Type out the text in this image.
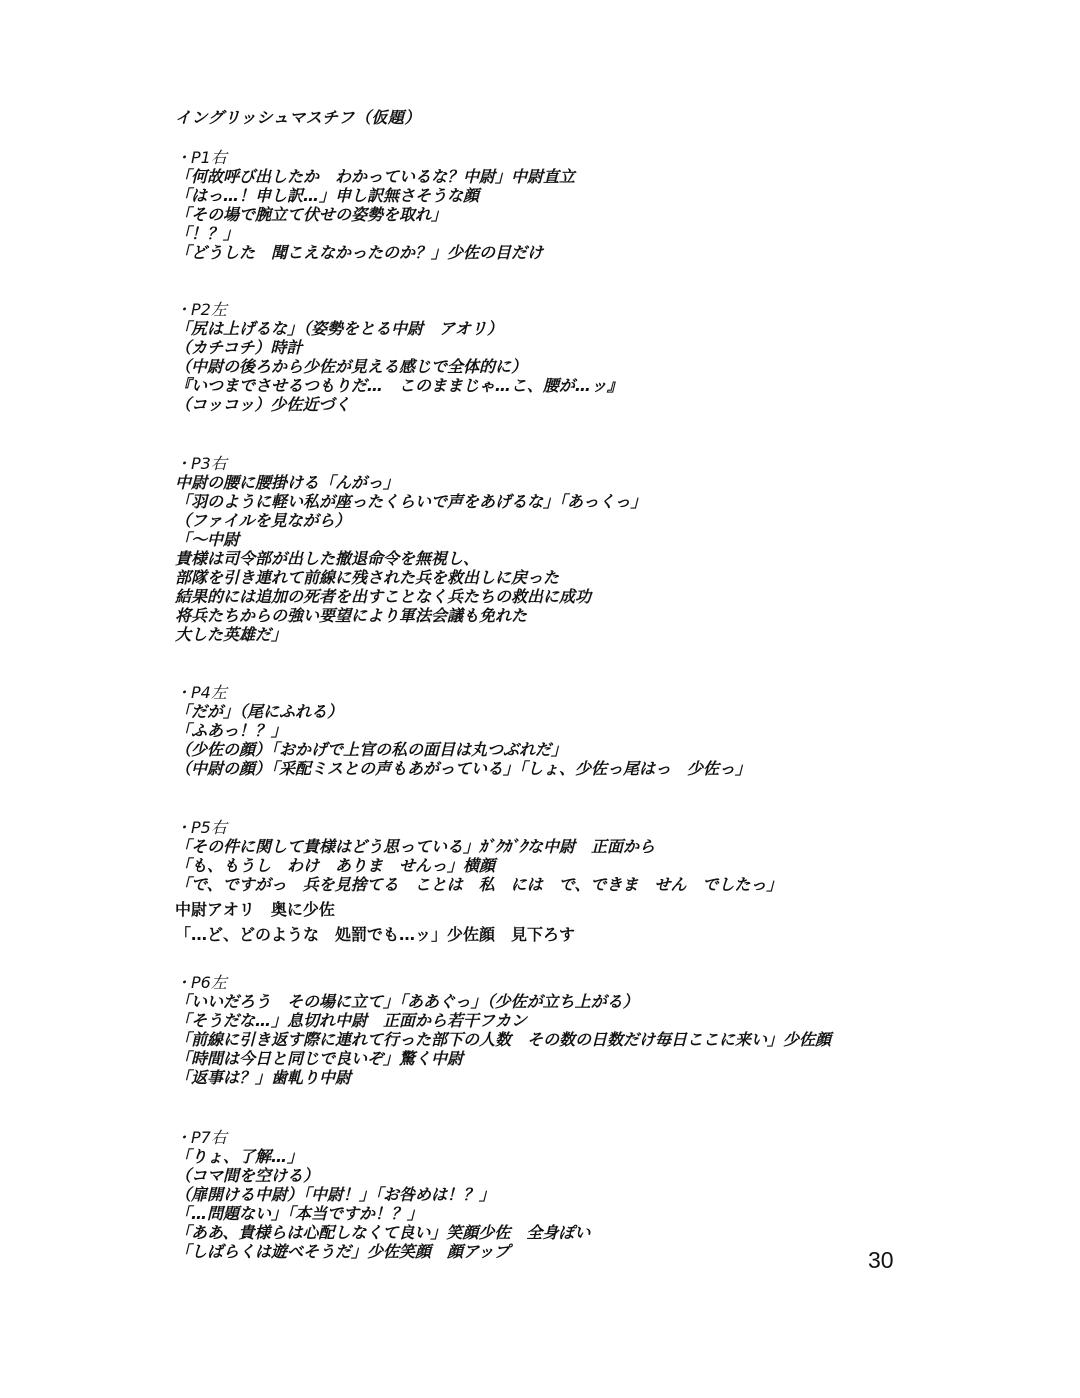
イングリッシュマスチフ（仮題）
・P1右
「何故呼び出したか　わかっているな？中尉」中尉直立
「はっ…！申し訳…」申し訳無さそうな顔
「その場で腕立て伏せの姿勢を取れ」
「！？」
「どうした　聞こえなかったのか？」少佐の目だけ
・P2左
「尻は上げるな」（姿勢をとる中尉　アオリ）
（カチコチ）時計
（中尉の後ろから少佐が見える感じで全体的に）
『いつまでさせるつもりだ…　このままじゃ…こ、腰が…ッ』
（コッコッ）少佐近づく
・P3右
中尉の腰に腰掛ける「んがっ」
「羽のように軽い私が座ったくらいで声をあげるな」「あっくっ」
（ファイルを見ながら）
「～中尉
貴様は司令部が出した撤退命令を無視し、
部隊を引き連れて前線に残された兵を救出しに戻った
結果的には追加の死者を出すことなく兵たちの救出に成功
将兵たちからの強い要望により軍法会議も免れた
大した英雄だ」
・P4左
「だが」（尾にふれる）
「ふあっ！？」
（少佐の顔）「おかげで上官の私の面目は丸つぶれだ」
（中尉の顔）「采配ミスとの声もあがっている」「しょ、少佐っ尾はっ　少佐っ」
・P5右
「その件に関して貴様はどう思っている」ｶﾞｸｶﾞｸな中尉　正面から
「も、もうし　わけ　ありま　せんっ」横顔
「で、ですがっ　兵を見捨てる　ことは　私　には　で、できま　せん　でしたっ」
中尉アオリ　奥に少佐
「…ど、どのような　処罰でも…ッ」少佐顔　見下ろす
・P6左
「いいだろう　その場に立て」「ああぐっ」（少佐が立ち上がる）
「そうだな…」息切れ中尉　正面から若干フカン
「前線に引き返す際に連れて行った部下の人数　その数の日数だけ毎日ここに来い」少佐顔
「時間は今日と同じで良いぞ」驚く中尉
「返事は？」歯軋り中尉
・P7右
「りょ、了解…」
（コマ間を空ける）
（扉開ける中尉）「中尉！」「お咎めは！？」
「…問題ない」「本当ですか！？」
「ああ、貴様らは心配しなくて良い」笑顔少佐　全身ぽい
「しばらくは遊べそうだ」少佐笑顔　顔アップ	30
